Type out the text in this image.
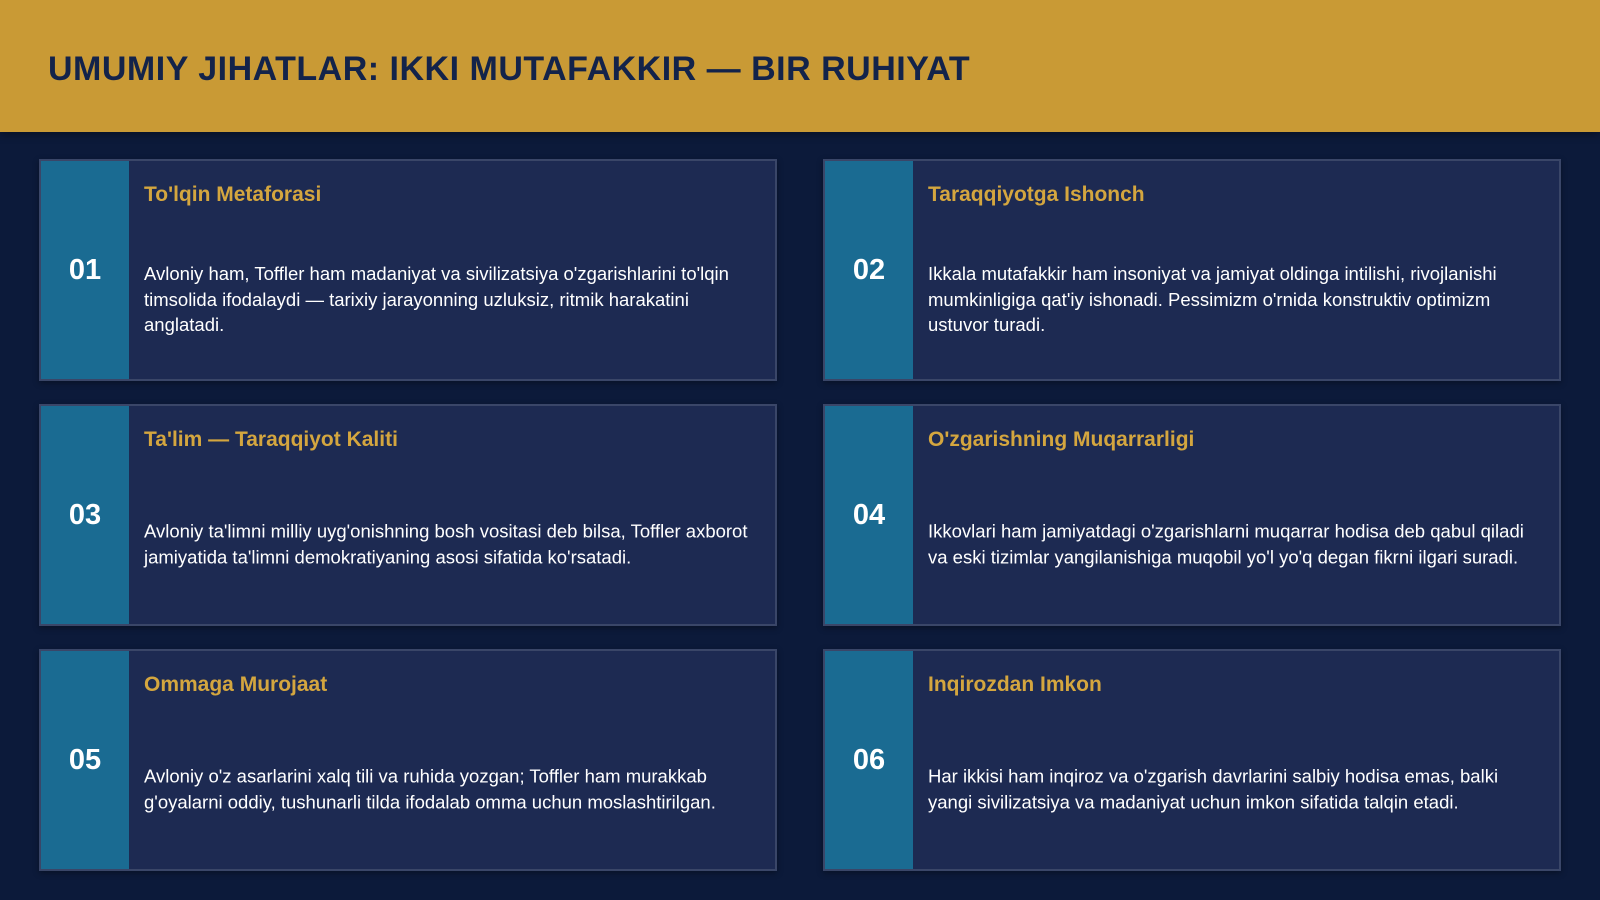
UMUMIY JIHATLAR: IKKI MUTAFAKKIR — BIR RUHIYAT
01
To'lqin Metaforasi
Avloniy ham, Toffler ham madaniyat va sivilizatsiya o'zgarishlarini to'lqin timsolida ifodalaydi — tarixiy jarayonning uzluksiz, ritmik harakatini anglatadi.
02
Taraqqiyotga Ishonch
Ikkala mutafakkir ham insoniyat va jamiyat oldinga intilishi, rivojlanishi mumkinligiga qat'iy ishonadi. Pessimizm o'rnida konstruktiv optimizm ustuvor turadi.
03
Ta'lim — Taraqqiyot Kaliti
Avloniy ta'limni milliy uyg'onishning bosh vositasi deb bilsa, Toffler axborot jamiyatida ta'limni demokratiyaning asosi sifatida ko'rsatadi.
04
O'zgarishning Muqarrarligi
Ikkovlari ham jamiyatdagi o'zgarishlarni muqarrar hodisa deb qabul qiladi va eski tizimlar yangilanishiga muqobil yo'l yo'q degan fikrni ilgari suradi.
05
Ommaga Murojaat
Avloniy o'z asarlarini xalq tili va ruhida yozgan; Toffler ham murakkab g'oyalarni oddiy, tushunarli tilda ifodalab omma uchun moslashtirilgan.
06
Inqirozdan Imkon
Har ikkisi ham inqiroz va o'zgarish davrlarini salbiy hodisa emas, balki yangi sivilizatsiya va madaniyat uchun imkon sifatida talqin etadi.
